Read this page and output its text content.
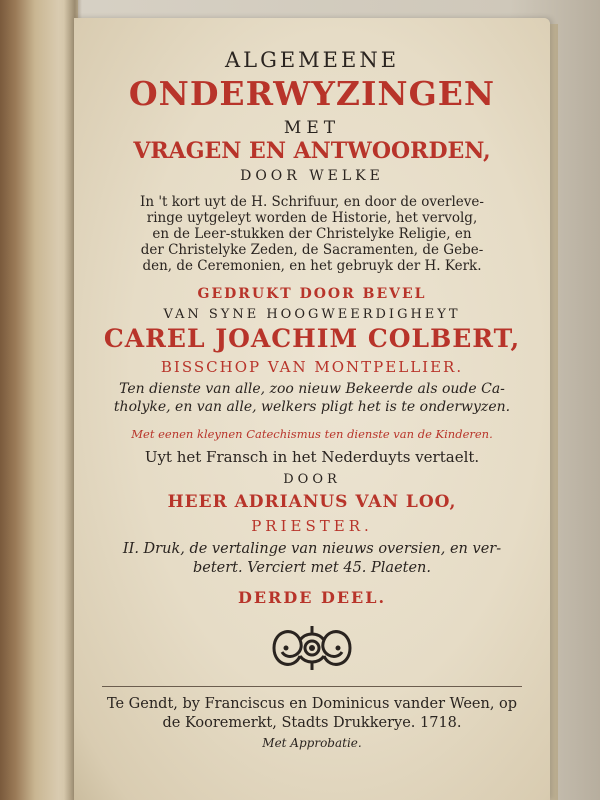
ALGEMEENE
ONDERWYZINGEN
MET
VRAGEN EN ANTWOORDEN,
DOOR WELKE
In 't kort uyt de H. Schrifuur, en door de overleve-
ringe uytgeleyt worden de Historie, het vervolg,
en de Leer-stukken der Christelyke Religie, en
der Christelyke Zeden, de Sacramenten, de Gebe-
den, de Ceremonien, en het gebruyk der H. Kerk.
GEDRUKT DOOR BEVEL
VAN SYNE HOOGWEERDIGHEYT
CAREL JOACHIM COLBERT,
BISSCHOP VAN MONTPELLIER.
Ten dienste van alle, zoo nieuw Bekeerde als oude Ca-
tholyke, en van alle, welkers pligt het is te onderwyzen.
Met eenen kleynen Catechismus ten dienste van de Kinderen.
Uyt het Fransch in het Nederduyts vertaelt.
DOOR
HEER ADRIANUS VAN LOO,
PRIESTER.
II. Druk, de vertalinge van nieuws oversien, en ver-
betert. Verciert met 45. Plaeten.
DERDE DEEL.
Te Gendt, by Franciscus en Dominicus vander Ween, op
de Kooremerkt, Stadts Drukkerye. 1718.
Met Approbatie.
